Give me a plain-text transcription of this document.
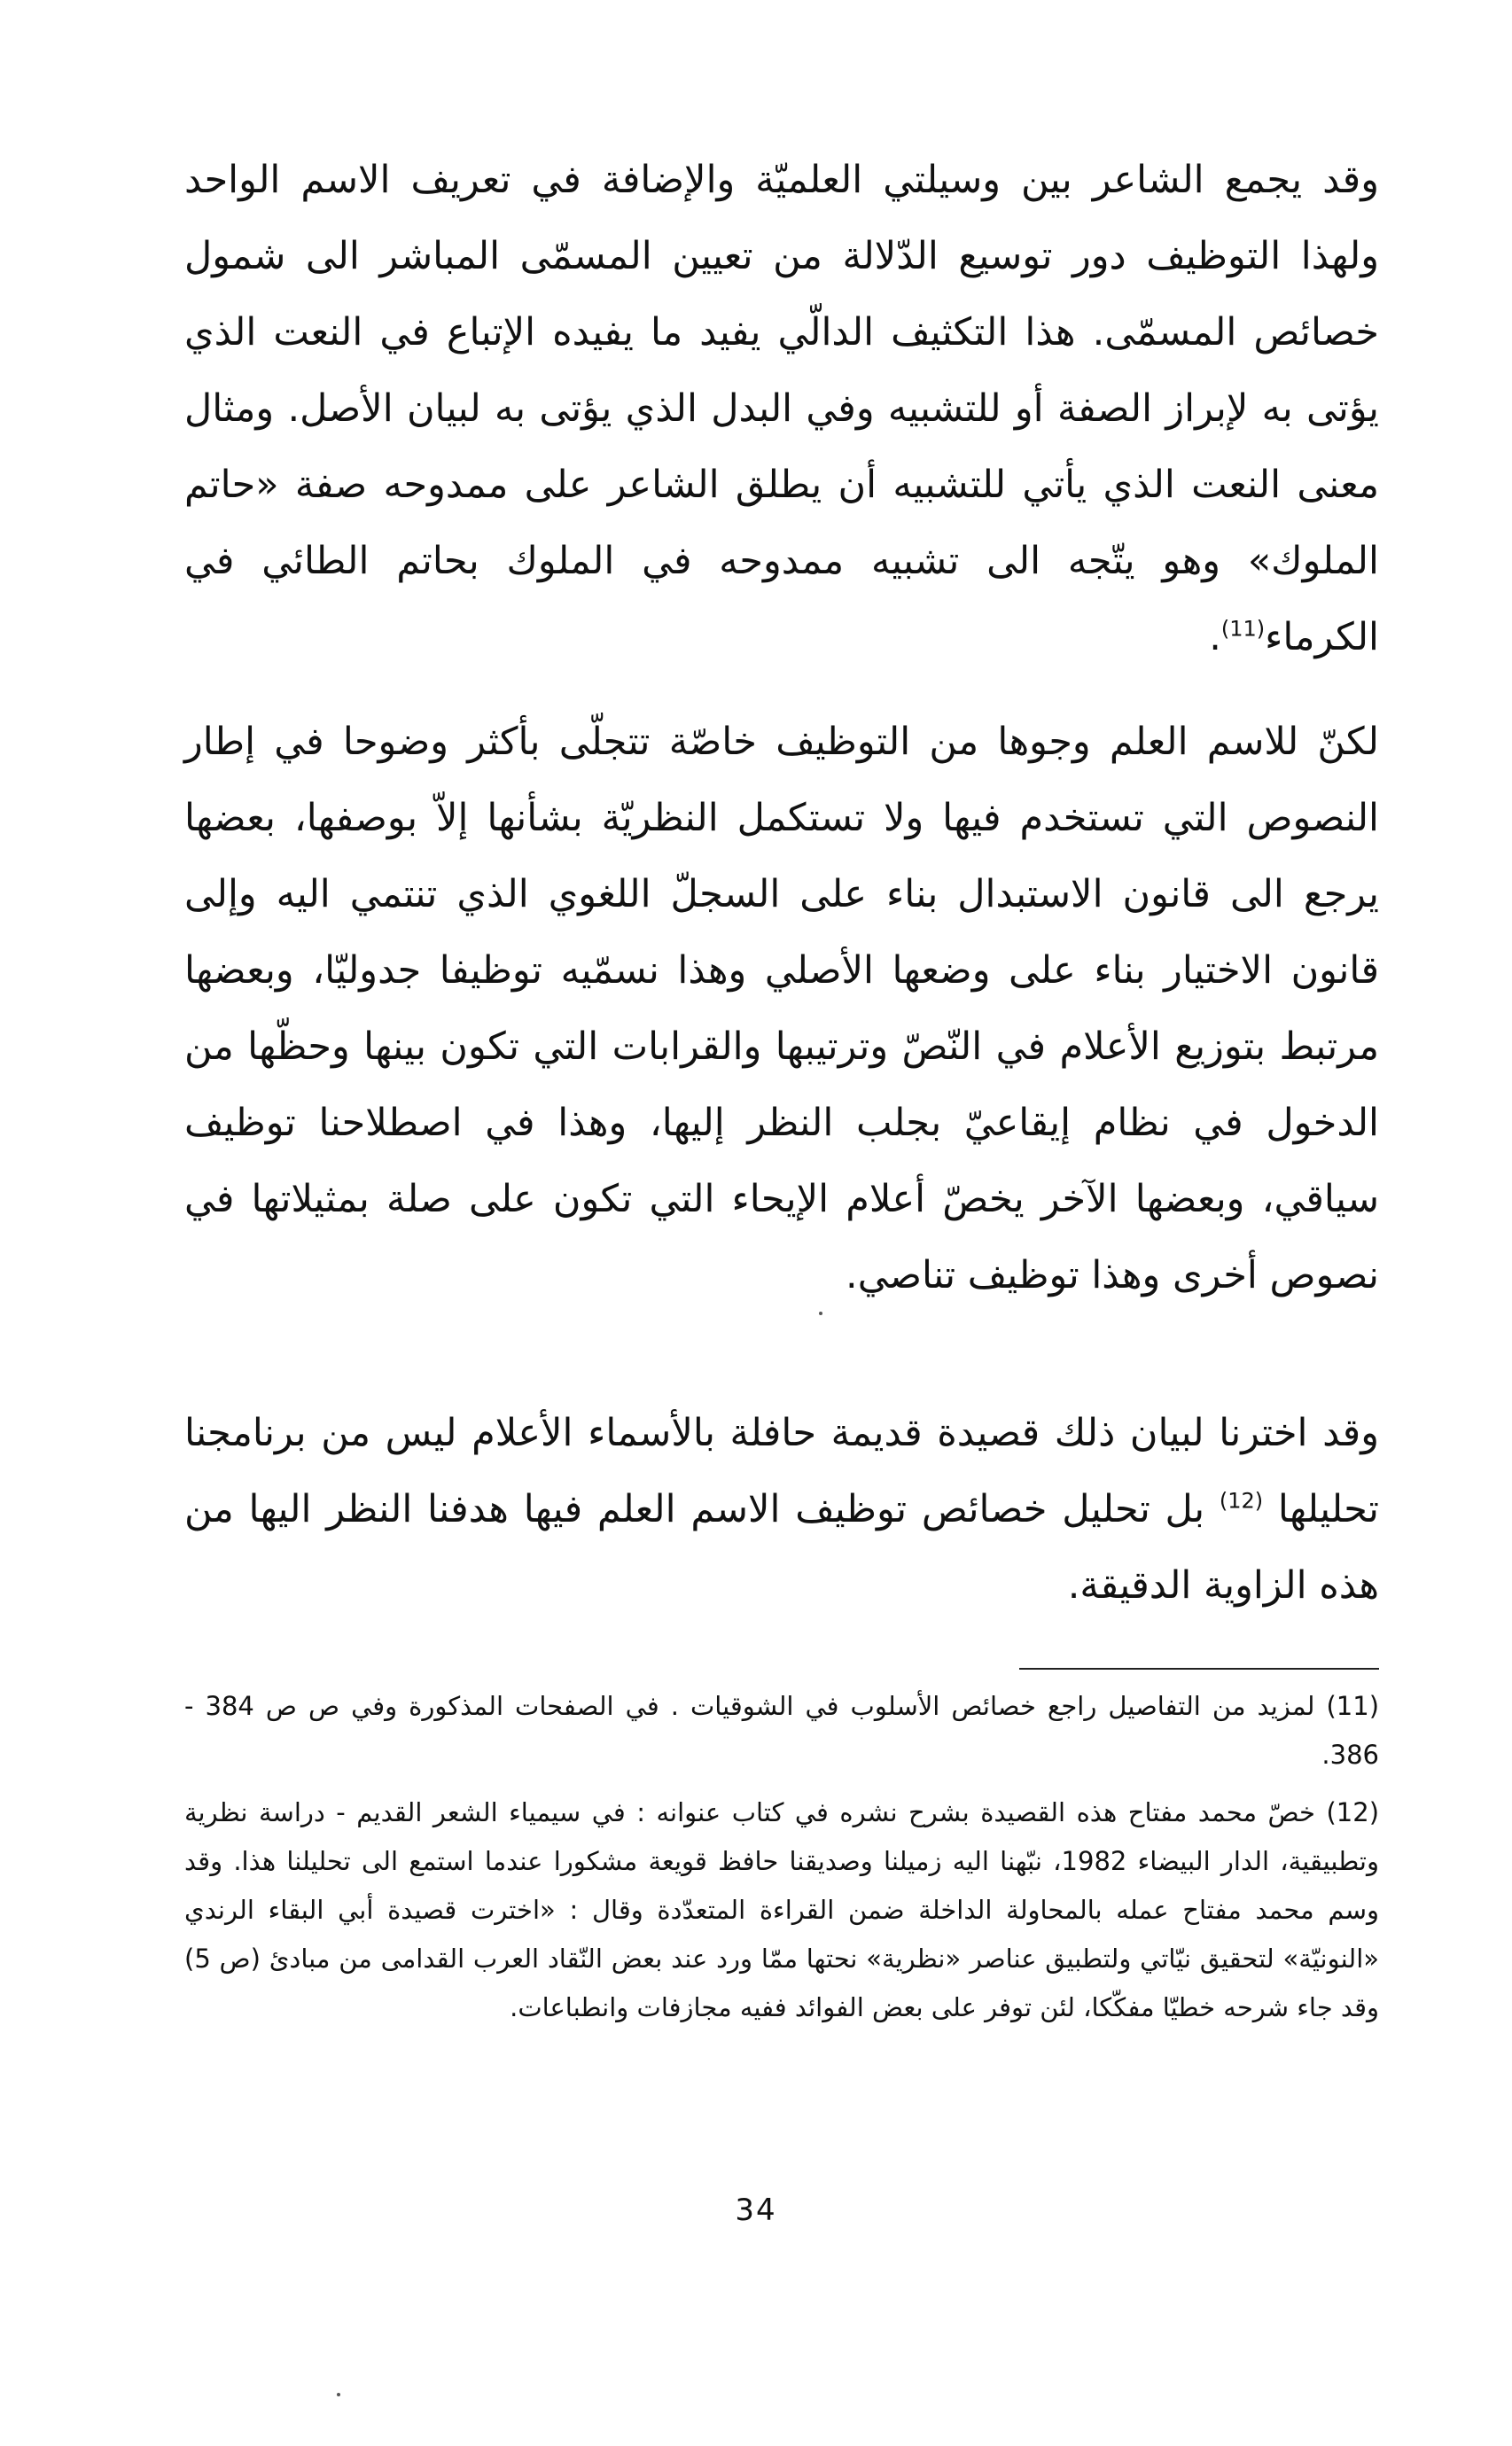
وقد يجمع الشاعر بين وسيلتي العلميّة والإضافة في تعريف الاسم الواحد ولهذا التوظيف دور توسيع الدّلالة من تعيين المسمّى المباشر الى شمول خصائص المسمّى. هذا التكثيف الدالّي يفيد ما يفيده الإتباع في النعت الذي يؤتى به لإبراز الصفة أو للتشبيه وفي البدل الذي يؤتى به لبيان الأصل. ومثال معنى النعت الذي يأتي للتشبيه أن يطلق الشاعر على ممدوحه صفة «حاتم الملوك» وهو يتّجه الى تشبيه ممدوحه في الملوك بحاتم الطائي في الكرماء$^{(11)}$.

لكنّ للاسم العلم وجوها من التوظيف خاصّة تتجلّى بأكثر وضوحا في إطار النصوص التي تستخدم فيها ولا تستكمل النظريّة بشأنها إلاّ بوصفها، بعضها يرجع الى قانون الاستبدال بناء على السجلّ اللغوي الذي تنتمي اليه وإلى قانون الاختيار بناء على وضعها الأصلي وهذا نسمّيه توظيفا جدوليّا، وبعضها مرتبط بتوزيع الأعلام في النّصّ وترتيبها والقرابات التي تكون بينها وحظّها من الدخول في نظام إيقاعيّ بجلب النظر إليها، وهذا في اصطلاحنا توظيف سياقي، وبعضها الآخر يخصّ أعلام الإيحاء التي تكون على صلة بمثيلاتها في نصوص أخرى وهذا توظيف تناصي.

وقد اخترنا لبيان ذلك قصيدة قديمة حافلة بالأسماء الأعلام ليس من برنامجنا تحليلها $^{(12)}$ بل تحليل خصائص توظيف الاسم العلم فيها هدفنا النظر اليها من هذه الزاوية الدقيقة.

(11) لمزيد من التفاصيل راجع خصائص الأسلوب في الشوقيات . في الصفحات المذكورة وفي ص ص 384 - 386.

(12) خصّ محمد مفتاح هذه القصيدة بشرح نشره في كتاب عنوانه : في سيمياء الشعر القديم - دراسة نظرية وتطبيقية، الدار البيضاء 1982، نبّهنا اليه زميلنا وصديقنا حافظ قويعة مشكورا عندما استمع الى تحليلنا هذا. وقد وسم محمد مفتاح عمله بالمحاولة الداخلة ضمن القراءة المتعدّدة وقال : «اخترت قصيدة أبي البقاء الرندي «النونيّة» لتحقيق نيّاتي ولتطبيق عناصر «نظرية» نحتها ممّا ورد عند بعض النّقاد العرب القدامى من مبادئ (ص 5) وقد جاء شرحه خطيّا مفكّكا، لئن توفر على بعض الفوائد ففيه مجازفات وانطباعات.

34
